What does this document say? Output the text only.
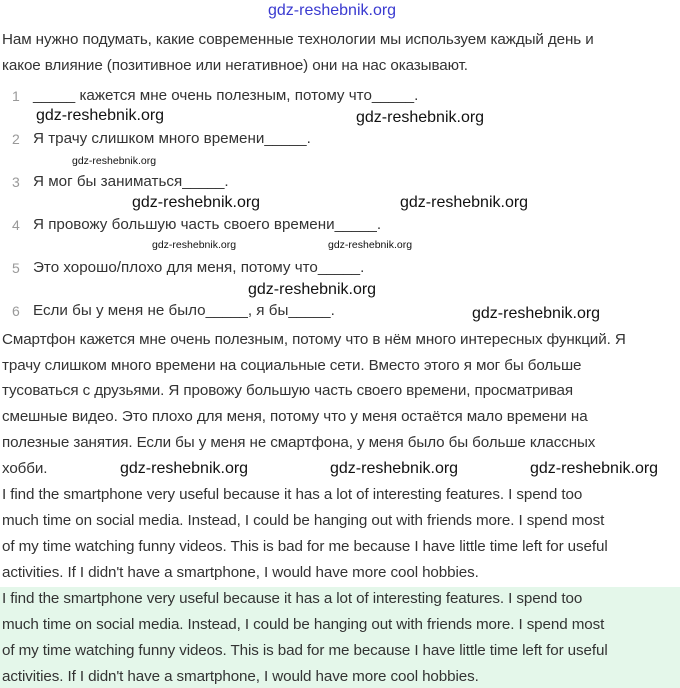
gdz-reshebnik.org
Нам нужно подумать, какие современные технологии мы используем каждый день и
какое влияние (позитивное или негативное) они на нас оказывают.
1 _____ кажется мне очень полезным, потому что_____.
2 Я трачу слишком много времени_____.
3 Я мог бы заниматься_____.
4 Я провожу большую часть своего времени_____.
5 Это хорошо/плохо для меня, потому что_____.
6 Если бы у меня не было_____, я бы_____.
Смартфон кажется мне очень полезным, потому что в нём много интересных функций. Я
трачу слишком много времени на социальные сети. Вместо этого я мог бы больше
тусоваться с друзьями. Я провожу большую часть своего времени, просматривая
смешные видео. Это плохо для меня, потому что у меня остаётся мало времени на
полезные занятия. Если бы у меня не смартфона, у меня было бы больше классных
хобби.
I find the smartphone very useful because it has a lot of interesting features. I spend too
much time on social media. Instead, I could be hanging out with friends more. I spend most
of my time watching funny videos. This is bad for me because I have little time left for useful
activities. If I didn't have a smartphone, I would have more cool hobbies.
I find the smartphone very useful because it has a lot of interesting features. I spend too
much time on social media. Instead, I could be hanging out with friends more. I spend most
of my time watching funny videos. This is bad for me because I have little time left for useful
activities. If I didn't have a smartphone, I would have more cool hobbies.
gdz-reshebnik.org	gdz-reshebnik.org
gdz-reshebnik.org
gdz-reshebnik.org	gdz-reshebnik.org
gdz-reshebnik.org	gdz-reshebnik.org
gdz-reshebnik.org
gdz-reshebnik.org
gdz-reshebnik.org	gdz-reshebnik.org	gdz-reshebnik.org
